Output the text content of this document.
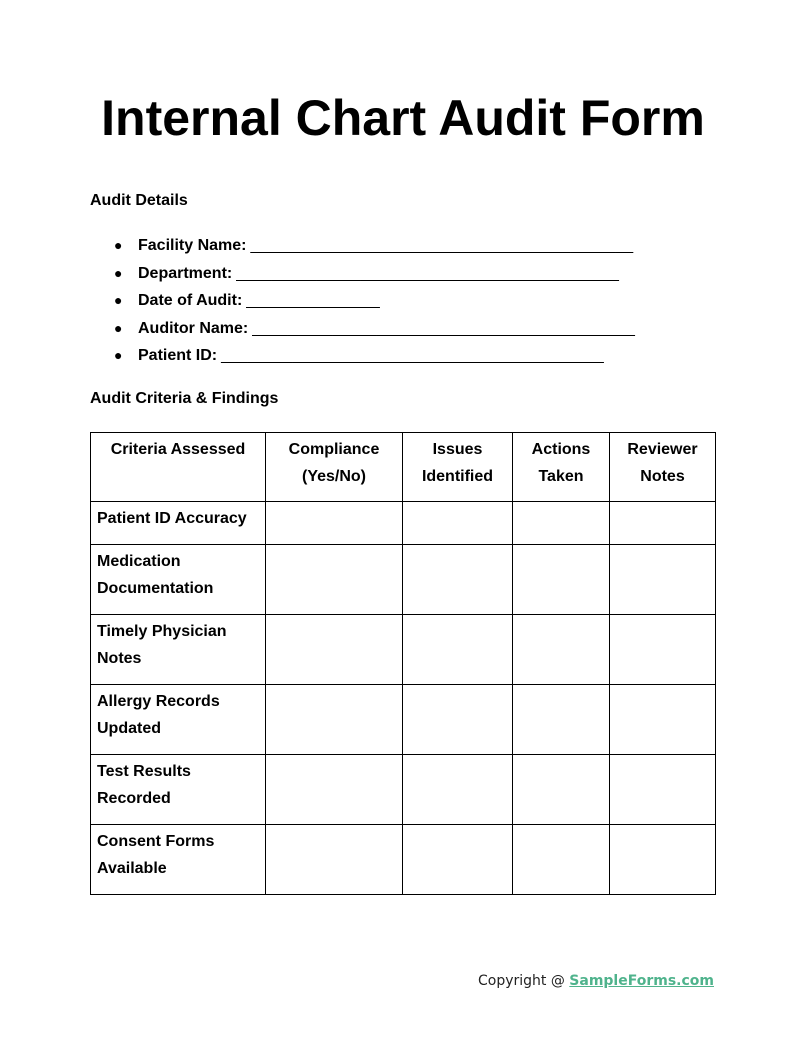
Internal Chart Audit Form
Audit Details
● Facility Name: ___________________________________________
● Department: ___________________________________________
● Date of Audit: _______________
● Auditor Name: ___________________________________________
● Patient ID: ___________________________________________
Audit Criteria & Findings
Criteria Assessed	Compliance (Yes/No)	Issues Identified	Actions Taken	Reviewer Notes
Patient ID Accuracy				
Medication Documentation				
Timely Physician Notes				
Allergy Records Updated				
Test Results Recorded				
Consent Forms Available				
Copyright @ SampleForms.com
